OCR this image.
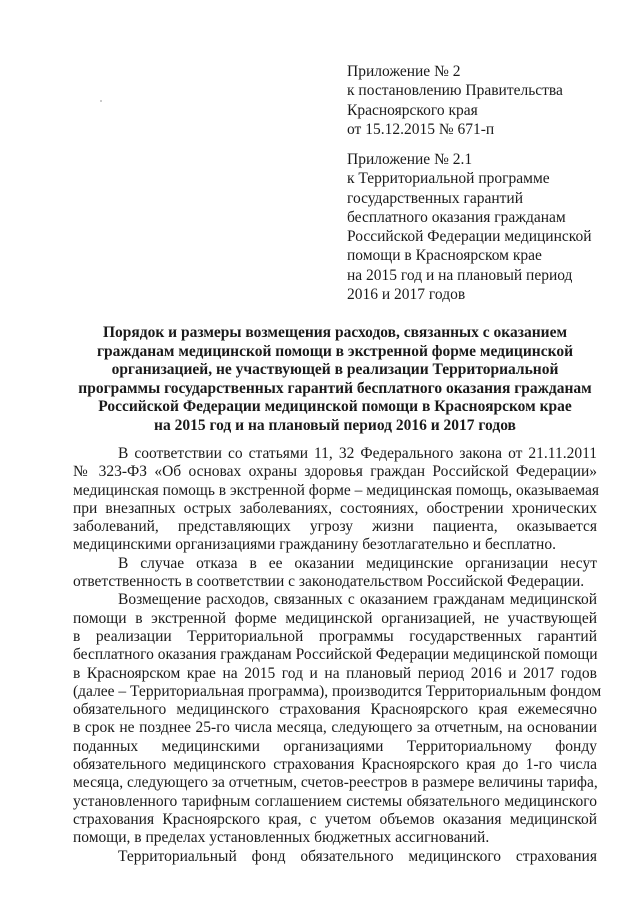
Приложение № 2
к постановлению Правительства
Красноярского края
от 15.12.2015 № 671-п
Приложение № 2.1
к Территориальной программе
государственных гарантий
бесплатного оказания гражданам
Российской Федерации медицинской
помощи в Красноярском крае
на 2015 год и на плановый период
2016 и 2017 годов
Порядок и размеры возмещения расходов, связанных с оказанием
гражданам медицинской помощи в экстренной форме медицинской
организацией, не участвующей в реализации Территориальной
программы государственных гарантий бесплатного оказания гражданам
Российской Федерации медицинской помощи в Красноярском крае
на 2015 год и на плановый период 2016 и 2017 годов
В соответствии со статьями 11, 32 Федерального закона от 21.11.2011
№ 323-ФЗ «Об основах охраны здоровья граждан Российской Федерации»
медицинская помощь в экстренной форме – медицинская помощь, оказываемая
при внезапных острых заболеваниях, состояниях, обострении хронических
заболеваний, представляющих угрозу жизни пациента, оказывается
медицинскими организациями гражданину безотлагательно и бесплатно.
В случае отказа в ее оказании медицинские организации несут
ответственность в соответствии с законодательством Российской Федерации.
Возмещение расходов, связанных с оказанием гражданам медицинской
помощи в экстренной форме медицинской организацией, не участвующей
в реализации Территориальной программы государственных гарантий
бесплатного оказания гражданам Российской Федерации медицинской помощи
в Красноярском крае на 2015 год и на плановый период 2016 и 2017 годов
(далее – Территориальная программа), производится Территориальным фондом
обязательного медицинского страхования Красноярского края ежемесячно
в срок не позднее 25-го числа месяца, следующего за отчетным, на основании
поданных медицинскими организациями Территориальному фонду
обязательного медицинского страхования Красноярского края до 1-го числа
месяца, следующего за отчетным, счетов-реестров в размере величины тарифа,
установленного тарифным соглашением системы обязательного медицинского
страхования Красноярского края, с учетом объемов оказания медицинской
помощи, в пределах установленных бюджетных ассигнований.
Территориальный фонд обязательного медицинского страхования
